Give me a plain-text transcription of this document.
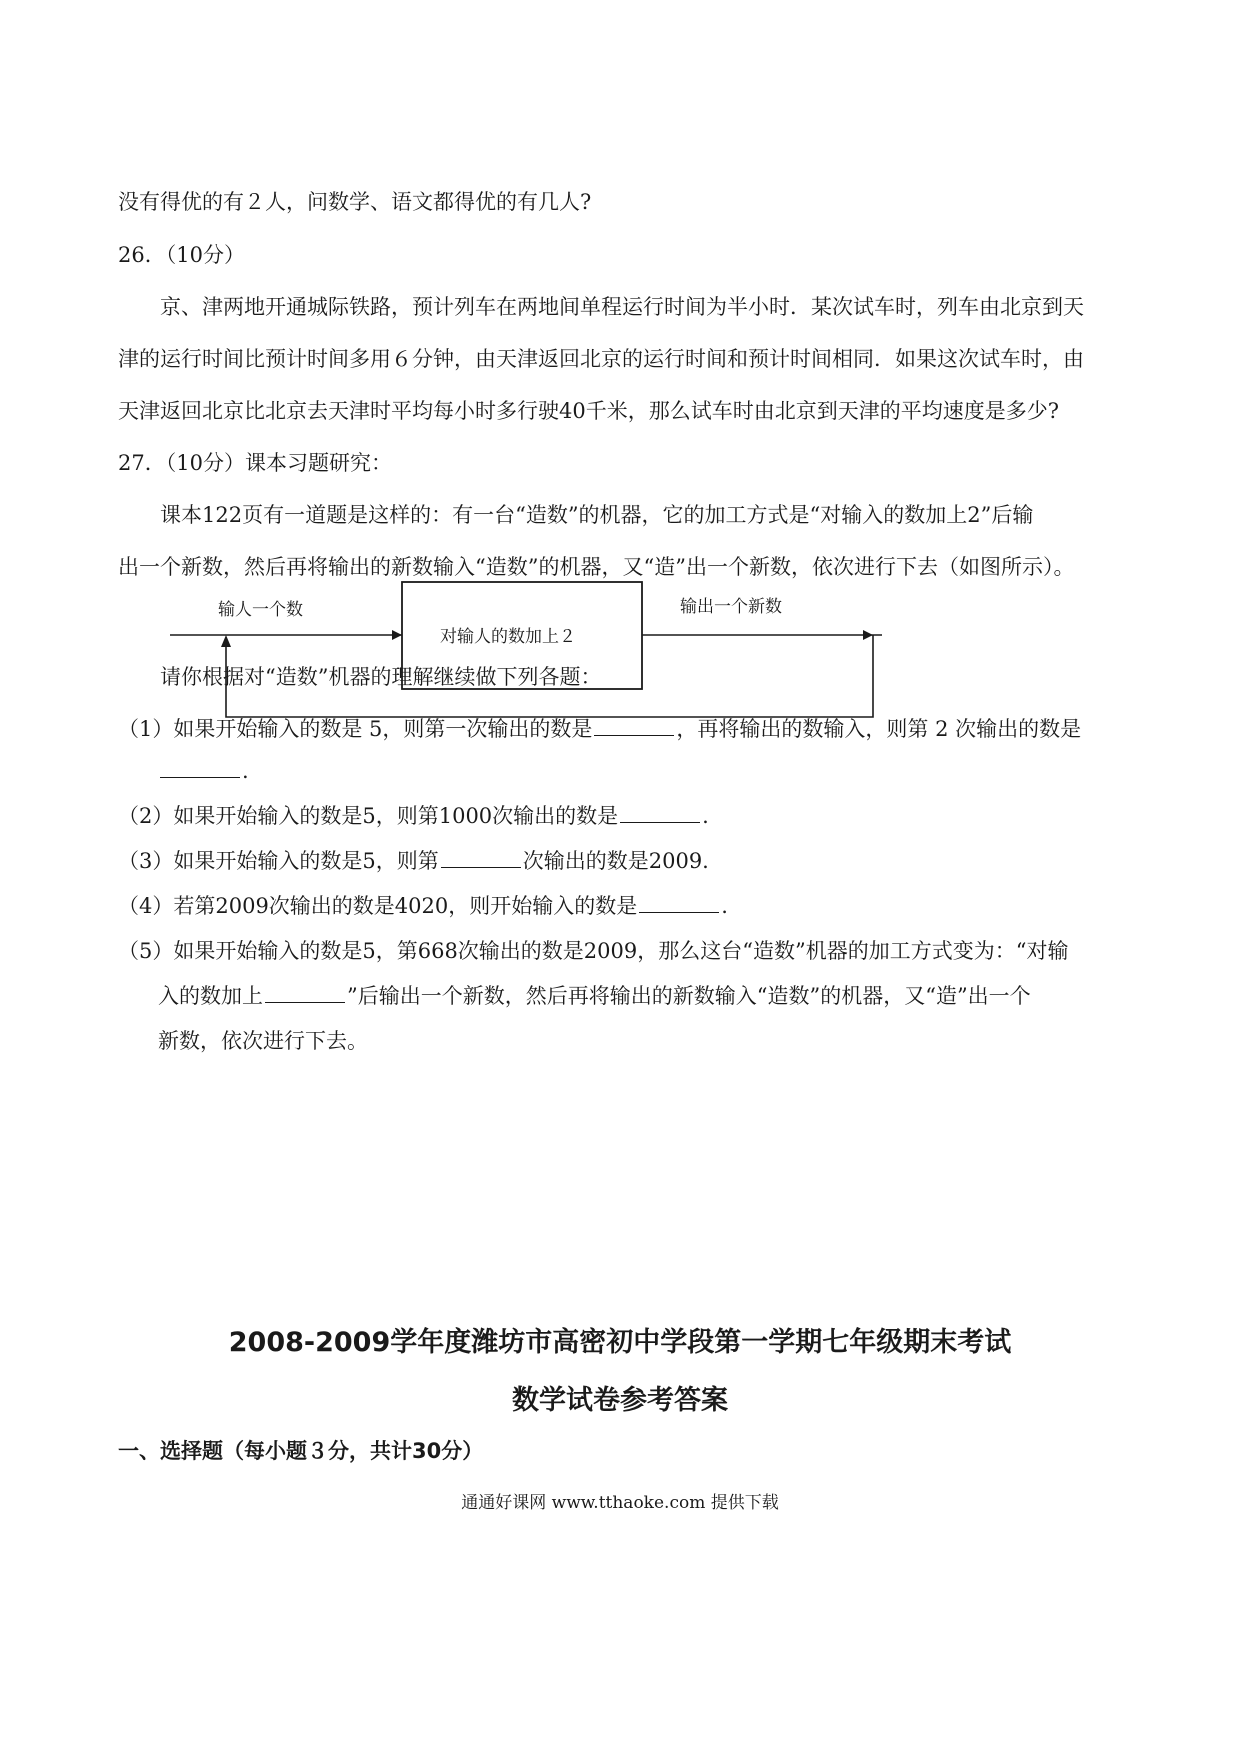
没有得优的有２人，问数学、语文都得优的有几人?
26．（10分）
京、津两地开通城际铁路，预计列车在两地间单程运行时间为半小时．某次试车时，列车由北京到天
津的运行时间比预计时间多用６分钟，由天津返回北京的运行时间和预计时间相同．如果这次试车时，由
天津返回北京比北京去天津时平均每小时多行驶40千米，那么试车时由北京到天津的平均速度是多少?
27．（10分）课本习题研究：
课本122页有一道题是这样的：有一台“造数”的机器，它的加工方式是“对输入的数加上2”后输
出一个新数，然后再将输出的新数输入“造数”的机器，又“造”出一个新数，依次进行下去（如图所示）。
输人一个数
对输人的数加上２
输出一个新数
请你根据对“造数”机器的理解继续做下列各题：
（1）如果开始输入的数是 5，则第一次输出的数是	，再将输出的数输入，则第 2 次输出的数是
.
（2）如果开始输入的数是5，则第1000次输出的数是	.
（3）如果开始输入的数是5，则第	次输出的数是2009.
（4）若第2009次输出的数是4020，则开始输入的数是	.
（5）如果开始输入的数是5，第668次输出的数是2009，那么这台“造数”机器的加工方式变为：“对输
入的数加上	”后输出一个新数，然后再将输出的新数输入“造数”的机器，又“造”出一个
新数，依次进行下去。
2008-2009学年度潍坊市高密初中学段第一学期七年级期末考试
数学试卷参考答案
一、选择题（每小题３分，共计30分）
通通好课网 www.tthaoke.com 提供下载
